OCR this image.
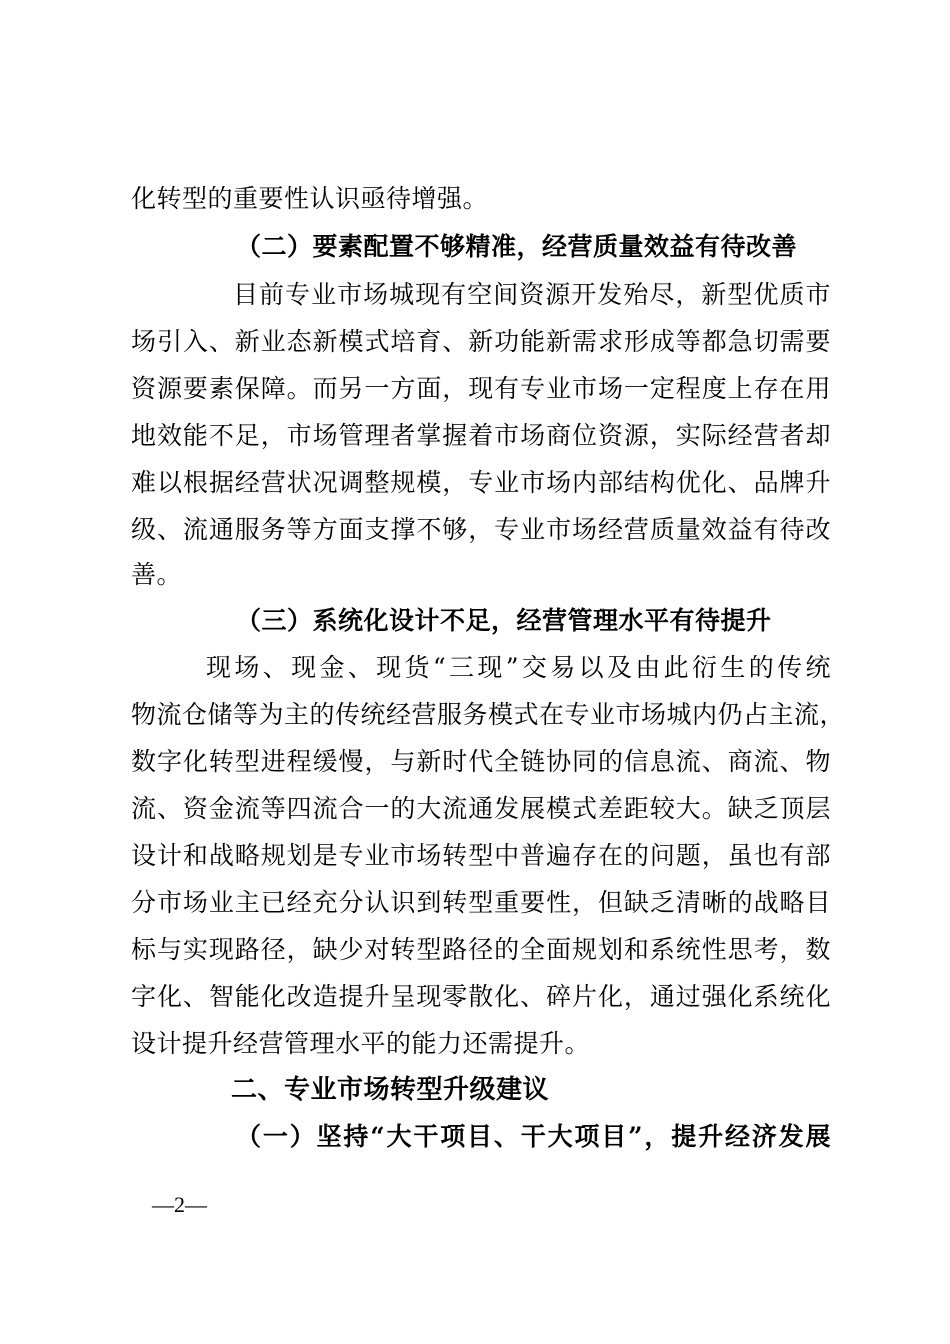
化转型的重要性认识亟待增强。
（二）要素配置不够精准，经营质量效益有待改善
目前专业市场城现有空间资源开发殆尽，新型优质市
场引入、新业态新模式培育、新功能新需求形成等都急切需要
资源要素保障。而另一方面，现有专业市场一定程度上存在用
地效能不足，市场管理者掌握着市场商位资源，实际经营者却
难以根据经营状况调整规模，专业市场内部结构优化、品牌升
级、流通服务等方面支撑不够，专业市场经营质量效益有待改
善。
（三）系统化设计不足，经营管理水平有待提升
现场、现金、现货“三现”交易以及由此衍生的传统
物流仓储等为主的传统经营服务模式在专业市场城内仍占主流，
数字化转型进程缓慢，与新时代全链协同的信息流、商流、物
流、资金流等四流合一的大流通发展模式差距较大。缺乏顶层
设计和战略规划是专业市场转型中普遍存在的问题，虽也有部
分市场业主已经充分认识到转型重要性，但缺乏清晰的战略目
标与实现路径，缺少对转型路径的全面规划和系统性思考，数
字化、智能化改造提升呈现零散化、碎片化，通过强化系统化
设计提升经营管理水平的能力还需提升。
二、专业市场转型升级建议
（一）坚持“大干项目、干大项目”，提升经济发展
—2—
